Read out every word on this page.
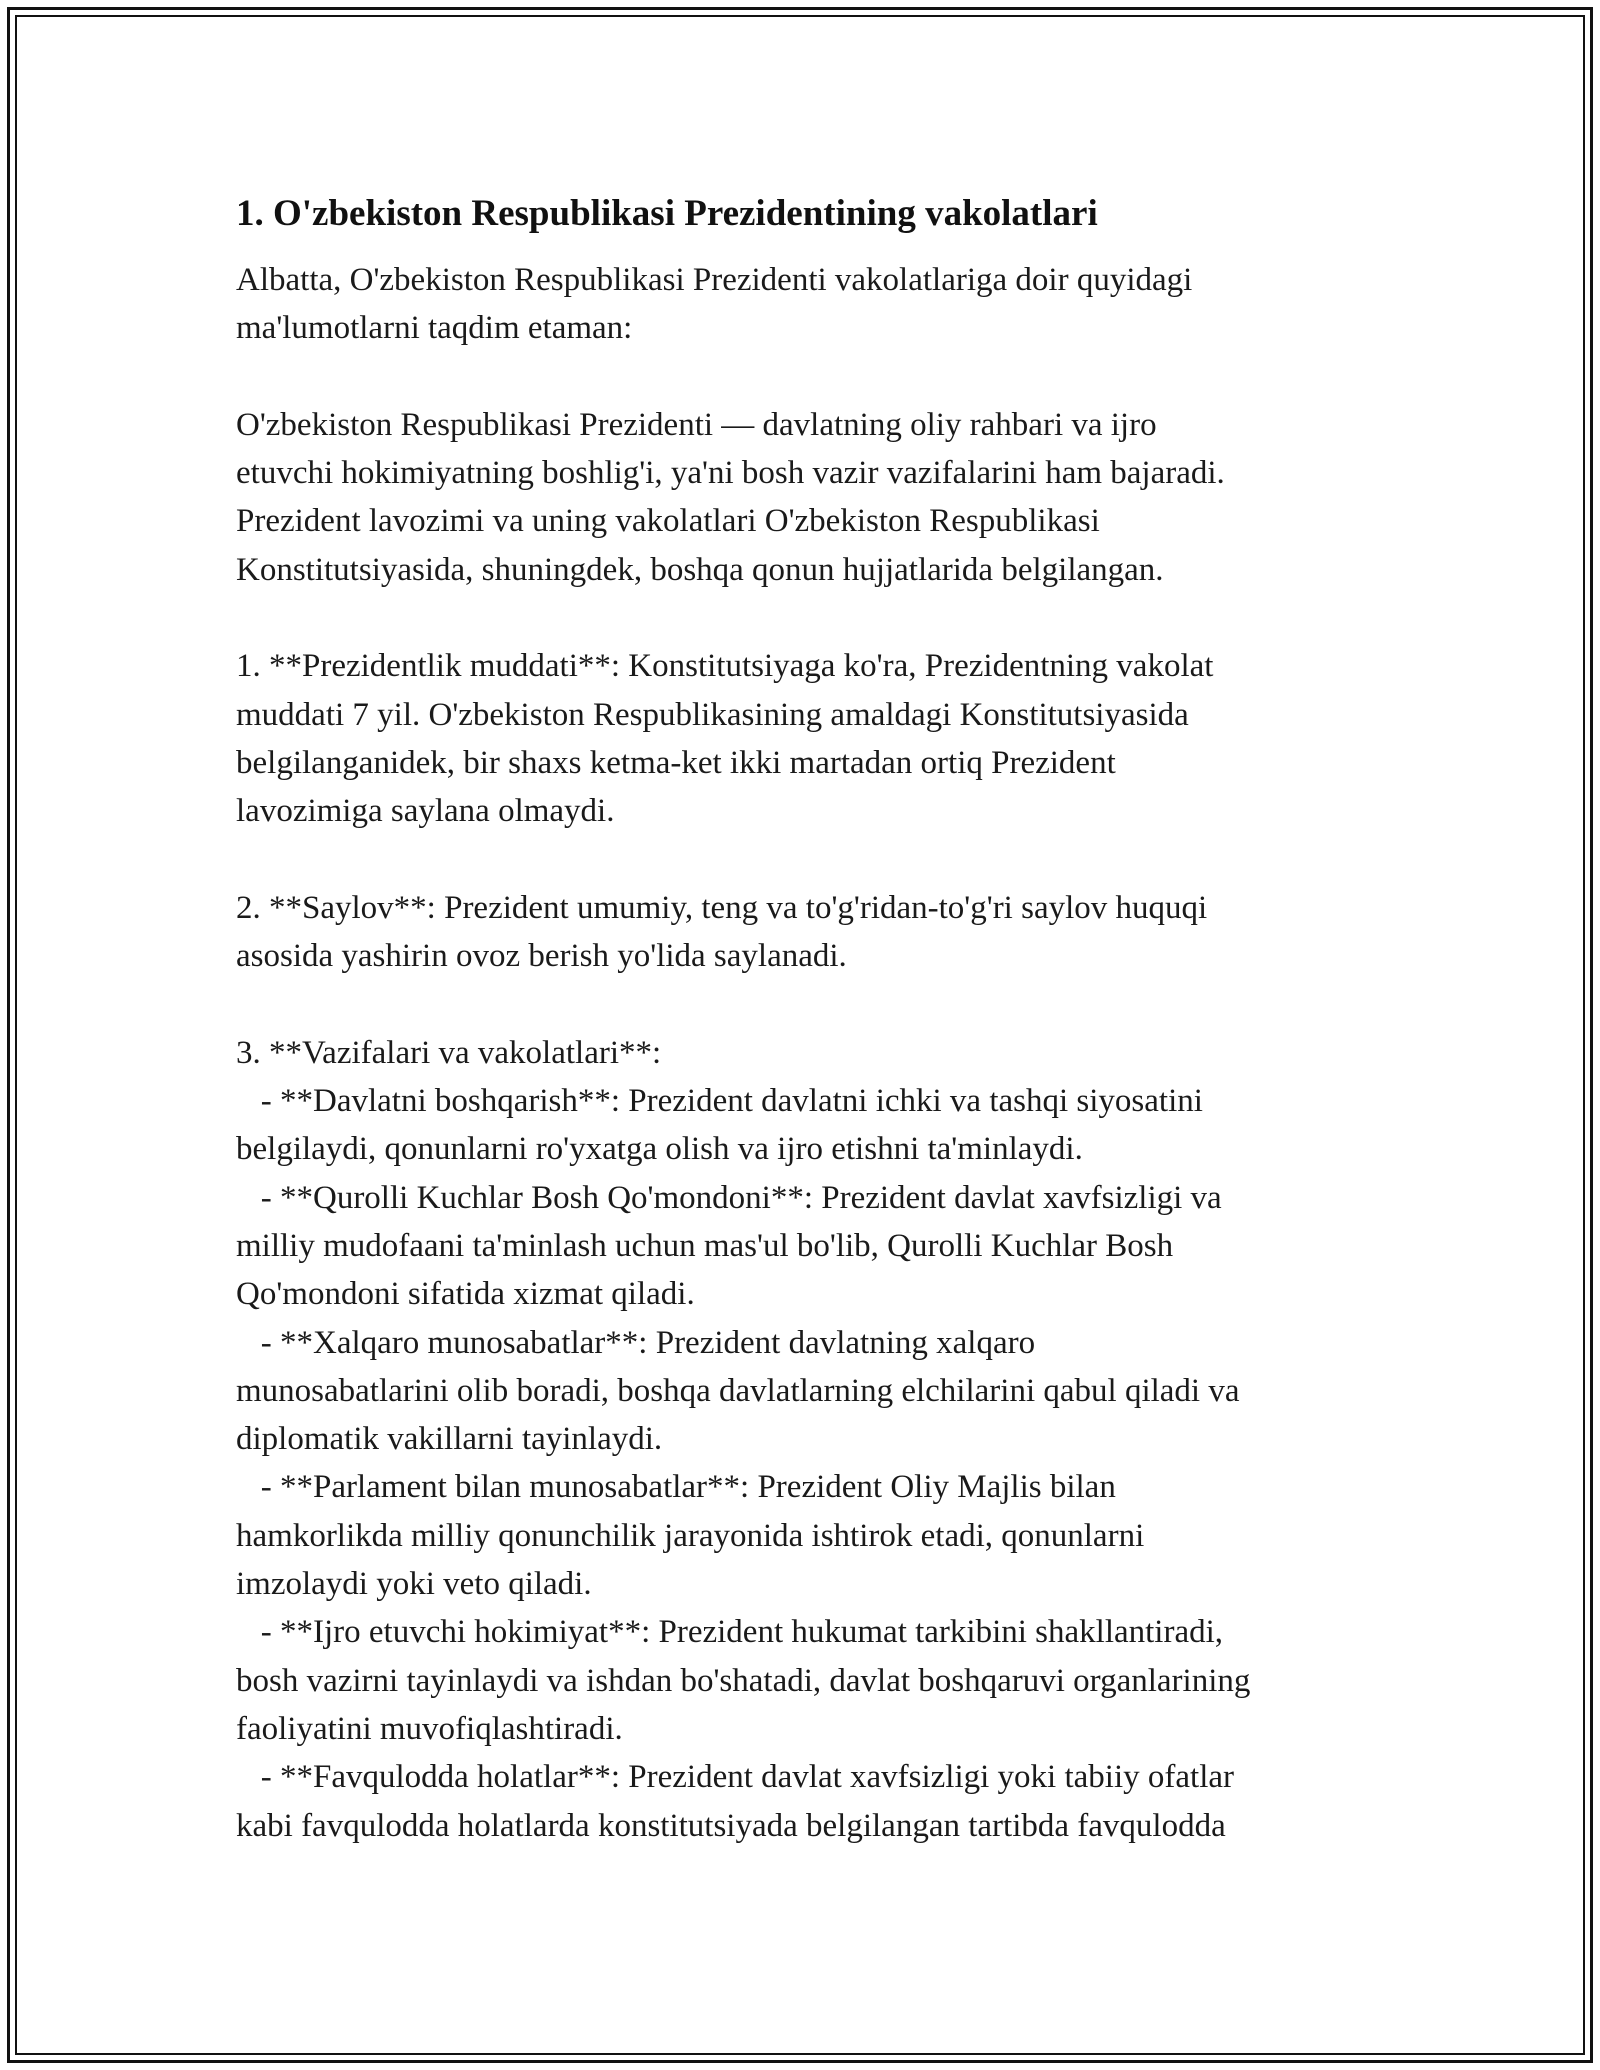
1. O'zbekiston Respublikasi Prezidentining vakolatlari
Albatta, O'zbekiston Respublikasi Prezidenti vakolatlariga doir quyidagi
ma'lumotlarni taqdim etaman:

O'zbekiston Respublikasi Prezidenti — davlatning oliy rahbari va ijro
etuvchi hokimiyatning boshlig'i, ya'ni bosh vazir vazifalarini ham bajaradi.
Prezident lavozimi va uning vakolatlari O'zbekiston Respublikasi
Konstitutsiyasida, shuningdek, boshqa qonun hujjatlarida belgilangan.

1. **Prezidentlik muddati**: Konstitutsiyaga ko'ra, Prezidentning vakolat
muddati 7 yil. O'zbekiston Respublikasining amaldagi Konstitutsiyasida
belgilanganidek, bir shaxs ketma-ket ikki martadan ortiq Prezident
lavozimiga saylana olmaydi.

2. **Saylov**: Prezident umumiy, teng va to'g'ridan-to'g'ri saylov huquqi
asosida yashirin ovoz berish yo'lida saylanadi.

3. **Vazifalari va vakolatlari**:
- **Davlatni boshqarish**: Prezident davlatni ichki va tashqi siyosatini
belgilaydi, qonunlarni ro'yxatga olish va ijro etishni ta'minlaydi.
- **Qurolli Kuchlar Bosh Qo'mondoni**: Prezident davlat xavfsizligi va
milliy mudofaani ta'minlash uchun mas'ul bo'lib, Qurolli Kuchlar Bosh
Qo'mondoni sifatida xizmat qiladi.
- **Xalqaro munosabatlar**: Prezident davlatning xalqaro
munosabatlarini olib boradi, boshqa davlatlarning elchilarini qabul qiladi va
diplomatik vakillarni tayinlaydi.
- **Parlament bilan munosabatlar**: Prezident Oliy Majlis bilan
hamkorlikda milliy qonunchilik jarayonida ishtirok etadi, qonunlarni
imzolaydi yoki veto qiladi.
- **Ijro etuvchi hokimiyat**: Prezident hukumat tarkibini shakllantiradi,
bosh vazirni tayinlaydi va ishdan bo'shatadi, davlat boshqaruvi organlarining
faoliyatini muvofiqlashtiradi.
- **Favqulodda holatlar**: Prezident davlat xavfsizligi yoki tabiiy ofatlar
kabi favqulodda holatlarda konstitutsiyada belgilangan tartibda favqulodda
